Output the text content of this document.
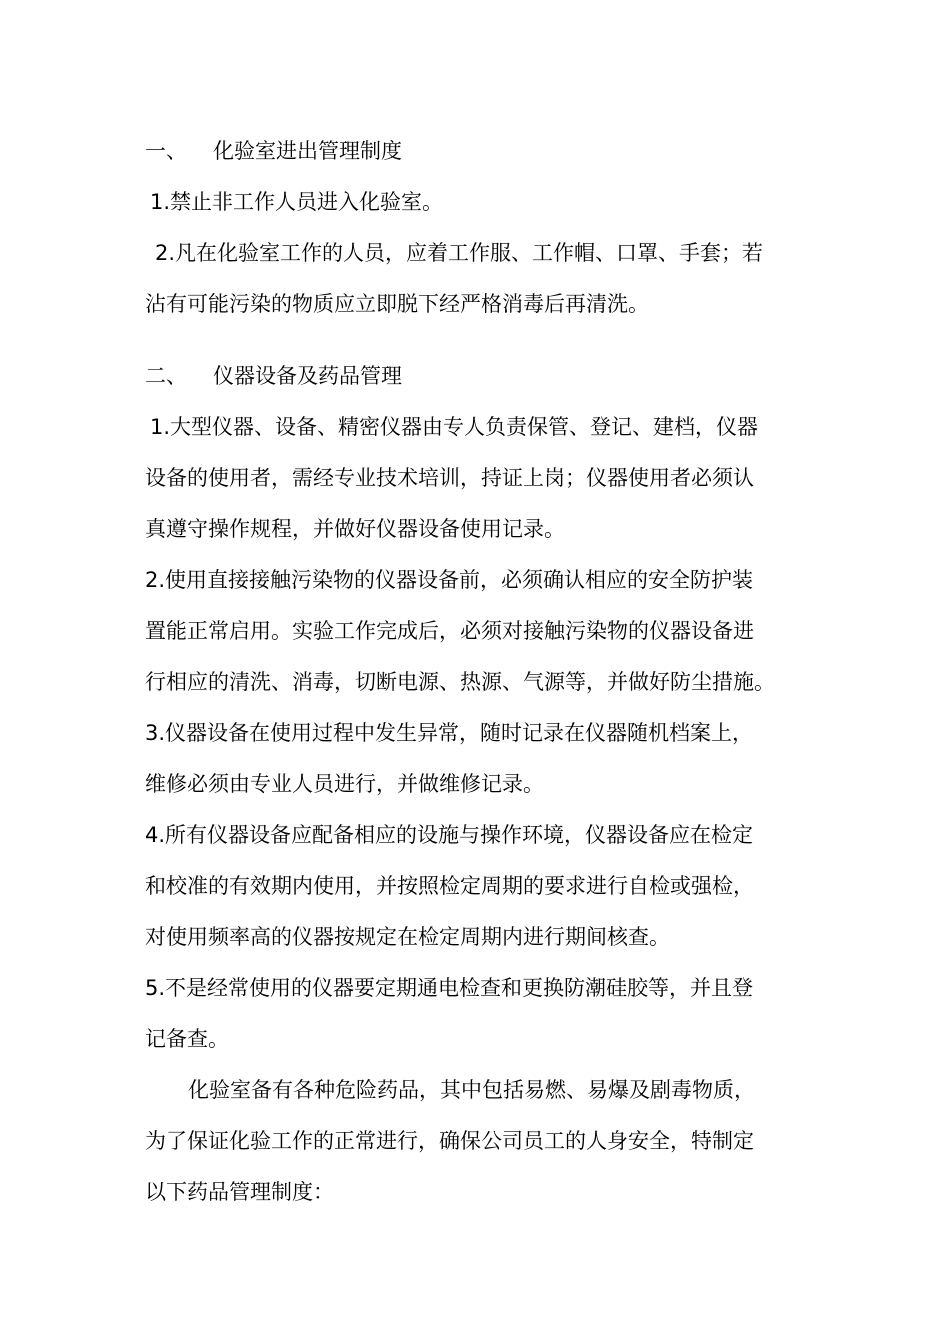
一、 化验室进出管理制度
1.禁止非工作人员进入化验室。
2.凡在化验室工作的人员，应着工作服、工作帽、口罩、手套；若
沾有可能污染的物质应立即脱下经严格消毒后再清洗。
二、 仪器设备及药品管理
1.大型仪器、设备、精密仪器由专人负责保管、登记、建档，仪器
设备的使用者，需经专业技术培训，持证上岗；仪器使用者必须认
真遵守操作规程，并做好仪器设备使用记录。
2.使用直接接触污染物的仪器设备前，必须确认相应的安全防护装
置能正常启用。实验工作完成后，必须对接触污染物的仪器设备进
行相应的清洗、消毒，切断电源、热源、气源等，并做好防尘措施。
3.仪器设备在使用过程中发生异常，随时记录在仪器随机档案上，
维修必须由专业人员进行，并做维修记录。
4.所有仪器设备应配备相应的设施与操作环境，仪器设备应在检定
和校准的有效期内使用，并按照检定周期的要求进行自检或强检，
对使用频率高的仪器按规定在检定周期内进行期间核查。
5.不是经常使用的仪器要定期通电检查和更换防潮硅胶等，并且登
记备查。
化验室备有各种危险药品，其中包括易燃、易爆及剧毒物质，
为了保证化验工作的正常进行，确保公司员工的人身安全，特制定
以下药品管理制度：
